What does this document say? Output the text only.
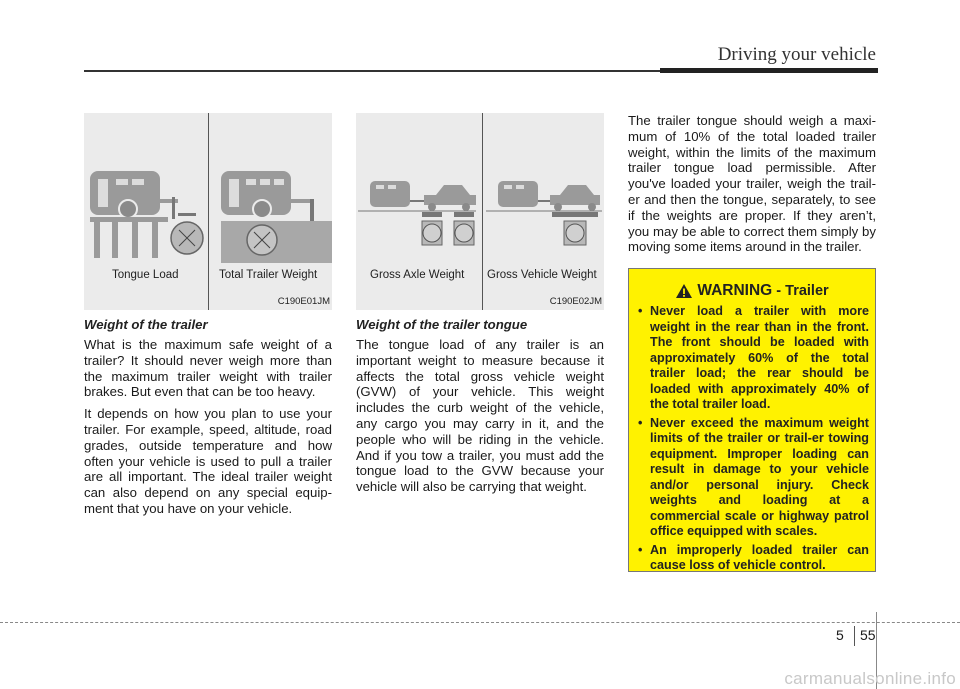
Driving your vehicle
Tongue Load	Total Trailer Weight
C190E01JM
Gross Axle Weight Gross Vehicle Weight
C190E02JM
Weight of the trailer

What is the maximum safe weight of a trailer? It should never weigh more than the maximum trailer weight with trailer brakes. But even that can be too heavy.

It depends on how you plan to use your trailer. For example, speed, altitude, road grades, outside temperature and how often your vehicle is used to pull a trailer are all important. The ideal trailer weight can also depend on any special equip-ment that you have on your vehicle.

Weight of the trailer tongue

The tongue load of any trailer is an important weight to measure because it affects the total gross vehicle weight (GVW) of your vehicle. This weight includes the curb weight of the vehicle, any cargo you may carry in it, and the people who will be riding in the vehicle. And if you tow a trailer, you must add the tongue load to the GVW because your vehicle will also be carrying that weight.

The trailer tongue should weigh a maxi-mum of 10% of the total loaded trailer weight, within the limits of the maximum trailer tongue load permissible. After you've loaded your trailer, weigh the trail-er and then the tongue, separately, to see if the weights are proper. If they aren’t, you may be able to correct them simply by moving some items around in the trailer.

WARNING - Trailer
• Never load a trailer with more weight in the rear than in the front. The front should be loaded with approximately 60% of the total trailer load; the rear should be loaded with approximately 40% of the total trailer load.
• Never exceed the maximum weight limits of the trailer or trail-er towing equipment. Improper loading can result in damage to your vehicle and/or personal injury. Check weights and loading at a commercial scale or highway patrol office equipped with scales.
• An improperly loaded trailer can cause loss of vehicle control.
5 55
carmanualsonline.info
